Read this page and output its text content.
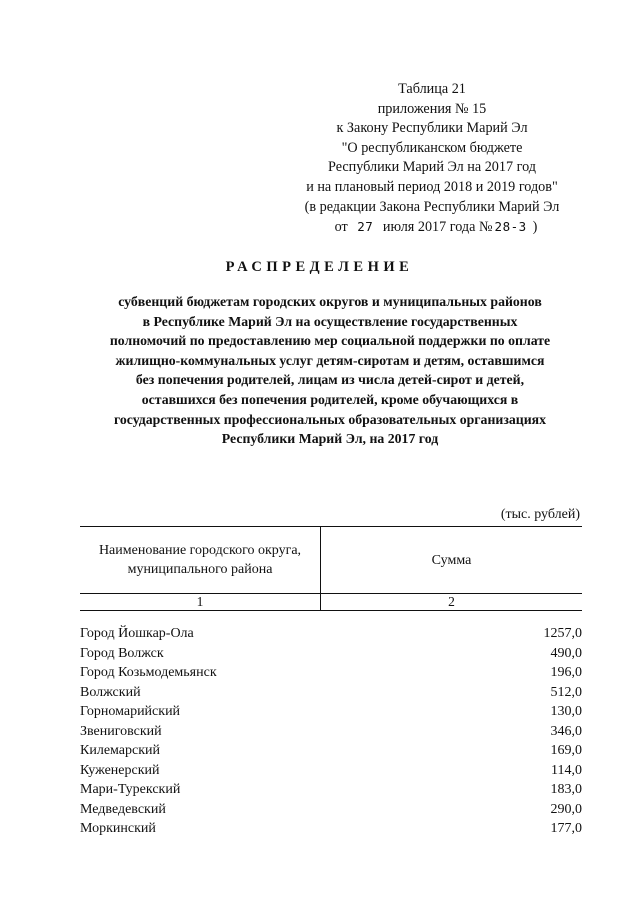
Таблица 21
приложения № 15
к Закону Республики Марий Эл
"О республиканском бюджете
Республики Марий Эл на 2017 год
и на плановый период 2018 и 2019 годов"
(в редакции Закона Республики Марий Эл
от 27 июля 2017 года № 28-З )
РАСПРЕДЕЛЕНИЕ
субвенций бюджетам городских округов и муниципальных районов
в Республике Марий Эл на осуществление государственных
полномочий по предоставлению мер социальной поддержки по оплате
жилищно-коммунальных услуг детям-сиротам и детям, оставшимся
без попечения родителей, лицам из числа детей-сирот и детей,
оставшихся без попечения родителей, кроме обучающихся в
государственных профессиональных образовательных организациях
Республики Марий Эл, на 2017 год
(тыс. рублей)
Наименование городского округа, муниципального района
Сумма
1	2
Город Йошкар-Ола	1257,0
Город Волжск	490,0
Город Козьмодемьянск	196,0
Волжский	512,0
Горномарийский	130,0
Звениговский	346,0
Килемарский	169,0
Куженерский	114,0
Мари-Турекский	183,0
Медведевский	290,0
Моркинский	177,0
